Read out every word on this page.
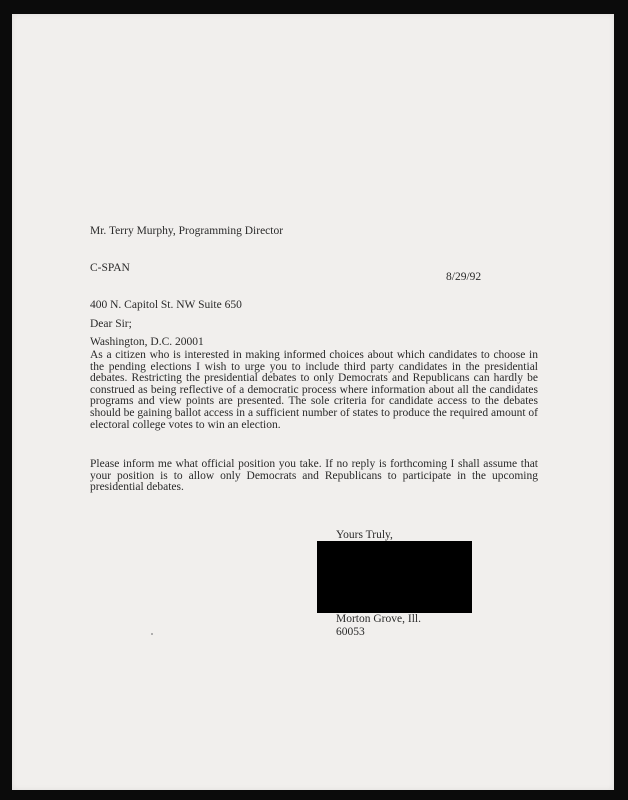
Mr. Terry Murphy, Programming Director

C-SPAN

400 N. Capitol St. NW Suite 650

Washington, D.C. 20001

8/29/92
Dear Sir;
As a citizen who is interested in making informed choices about which candidates to choose in the pending elections I wish to urge you to include third party candidates in the presidential debates. Restricting the presidential debates to only Democrats and Republicans can hardly be construed as being reflective of a democratic process where information about all the candidates programs and view points are presented. The sole criteria for candidate access to the debates should be gaining ballot access in a sufficient number of states to produce the required amount of electoral college votes to win an election.
Please inform me what official position you take. If no reply is forthcoming I shall assume that your position is to allow only Democrats and Republicans to participate in the upcoming presidential debates.
Yours Truly,
Morton Grove, Ill.
60053
